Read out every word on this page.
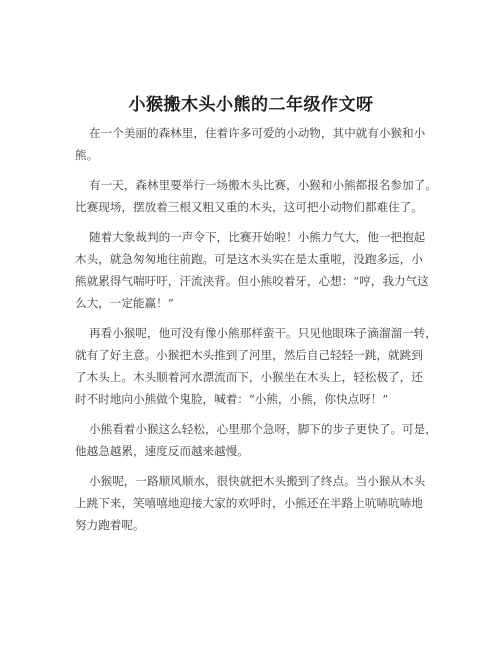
小猴搬木头小熊的二年级作文呀
在一个美丽的森林里，住着许多可爱的小动物，其中就有小猴和小
熊。
有一天，森林里要举行一场搬木头比赛，小猴和小熊都报名参加了。
比赛现场，摆放着三根又粗又重的木头，这可把小动物们都难住了。
随着大象裁判的一声令下，比赛开始啦！小熊力气大，他一把抱起
木头，就急匆匆地往前跑。可是这木头实在是太重啦，没跑多远，小
熊就累得气喘吁吁，汗流浃背。但小熊咬着牙，心想：“哼，我力气这
么大，一定能赢！”
再看小猴呢，他可没有像小熊那样蛮干。只见他眼珠子滴溜溜一转，
就有了好主意。小猴把木头推到了河里，然后自己轻轻一跳，就跳到
了木头上。木头顺着河水漂流而下，小猴坐在木头上，轻松极了，还
时不时地向小熊做个鬼脸，喊着：“小熊，小熊，你快点呀！”
小熊看着小猴这么轻松，心里那个急呀，脚下的步子更快了。可是，
他越急越累，速度反而越来越慢。
小猴呢，一路顺风顺水，很快就把木头搬到了终点。当小猴从木头
上跳下来，笑嘻嘻地迎接大家的欢呼时，小熊还在半路上吭哧吭哧地
努力跑着呢。
